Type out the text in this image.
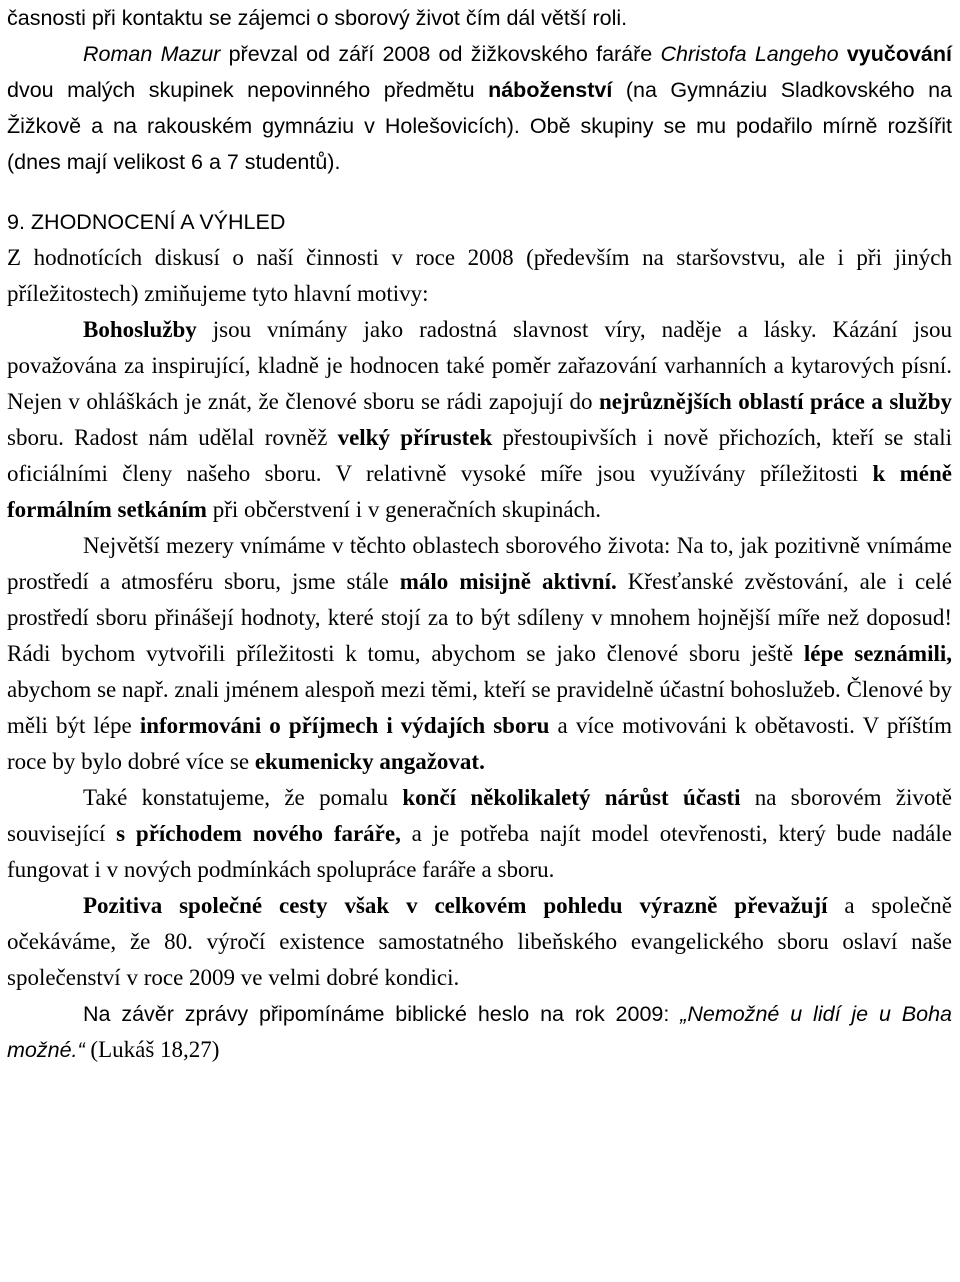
časnosti při kontaktu se zájemci o sborový život čím dál větší roli.

Roman Mazur převzal od září 2008 od žižkovského faráře Christofa Langeho vyučování dvou malých skupinek nepovinného předmětu náboženství (na Gymnáziu Sladkovského na Žižkově a na rakouském gymnáziu v Holešovicích). Obě skupiny se mu podařilo mírně rozšířit (dnes mají velikost 6 a 7 studentů).

9. ZHODNOCENÍ A VÝHLED

Z hodnotících diskusí o naší činnosti v roce 2008 (především na staršovstvu, ale i při jiných příležitostech) zmiňujeme tyto hlavní motivy:

Bohoslužby jsou vnímány jako radostná slavnost víry, naděje a lásky. Kázání jsou považována za inspirující, kladně je hodnocen také poměr zařazování varhanních a kytarových písní. Nejen v ohláškách je znát, že členové sboru se rádi zapojují do nejrůznějších oblastí práce a služby sboru. Radost nám udělal rovněž velký přírustek přestoupivších i nově přichozích, kteří se stali oficiálními členy našeho sboru. V relativně vysoké míře jsou využívány příležitosti k méně formálním setkáním při občerstvení i v generačních skupinách.

Největší mezery vnímáme v těchto oblastech sborového života: Na to, jak pozitivně vnímáme prostředí a atmosféru sboru, jsme stále málo misijně aktivní. Křesťanské zvěstování, ale i celé prostředí sboru přinášejí hodnoty, které stojí za to být sdíleny v mnohem hojnější míře než doposud! Rádi bychom vytvořili příležitosti k tomu, abychom se jako členové sboru ještě lépe seznámili, abychom se např. znali jménem alespoň mezi těmi, kteří se pravidelně účastní bohoslužeb. Členové by měli být lépe informováni o příjmech i výdajích sboru a více motivováni k obětavosti. V příštím roce by bylo dobré více se ekumenicky angažovat.

Také konstatujeme, že pomalu končí několikaletý nárůst účasti na sborovém životě související s příchodem nového faráře, a je potřeba najít model otevřenosti, který bude nadále fungovat i v nových podmínkách spolupráce faráře a sboru.

Pozitiva společné cesty však v celkovém pohledu výrazně převažují a společně očekáváme, že 80. výročí existence samostatného libeňského evangelického sboru oslaví naše společenství v roce 2009 ve velmi dobré kondici.

Na závěr zprávy připomínáme biblické heslo na rok 2009: „Nemožné u lidí je u Boha možné.“ (Lukáš 18,27)
